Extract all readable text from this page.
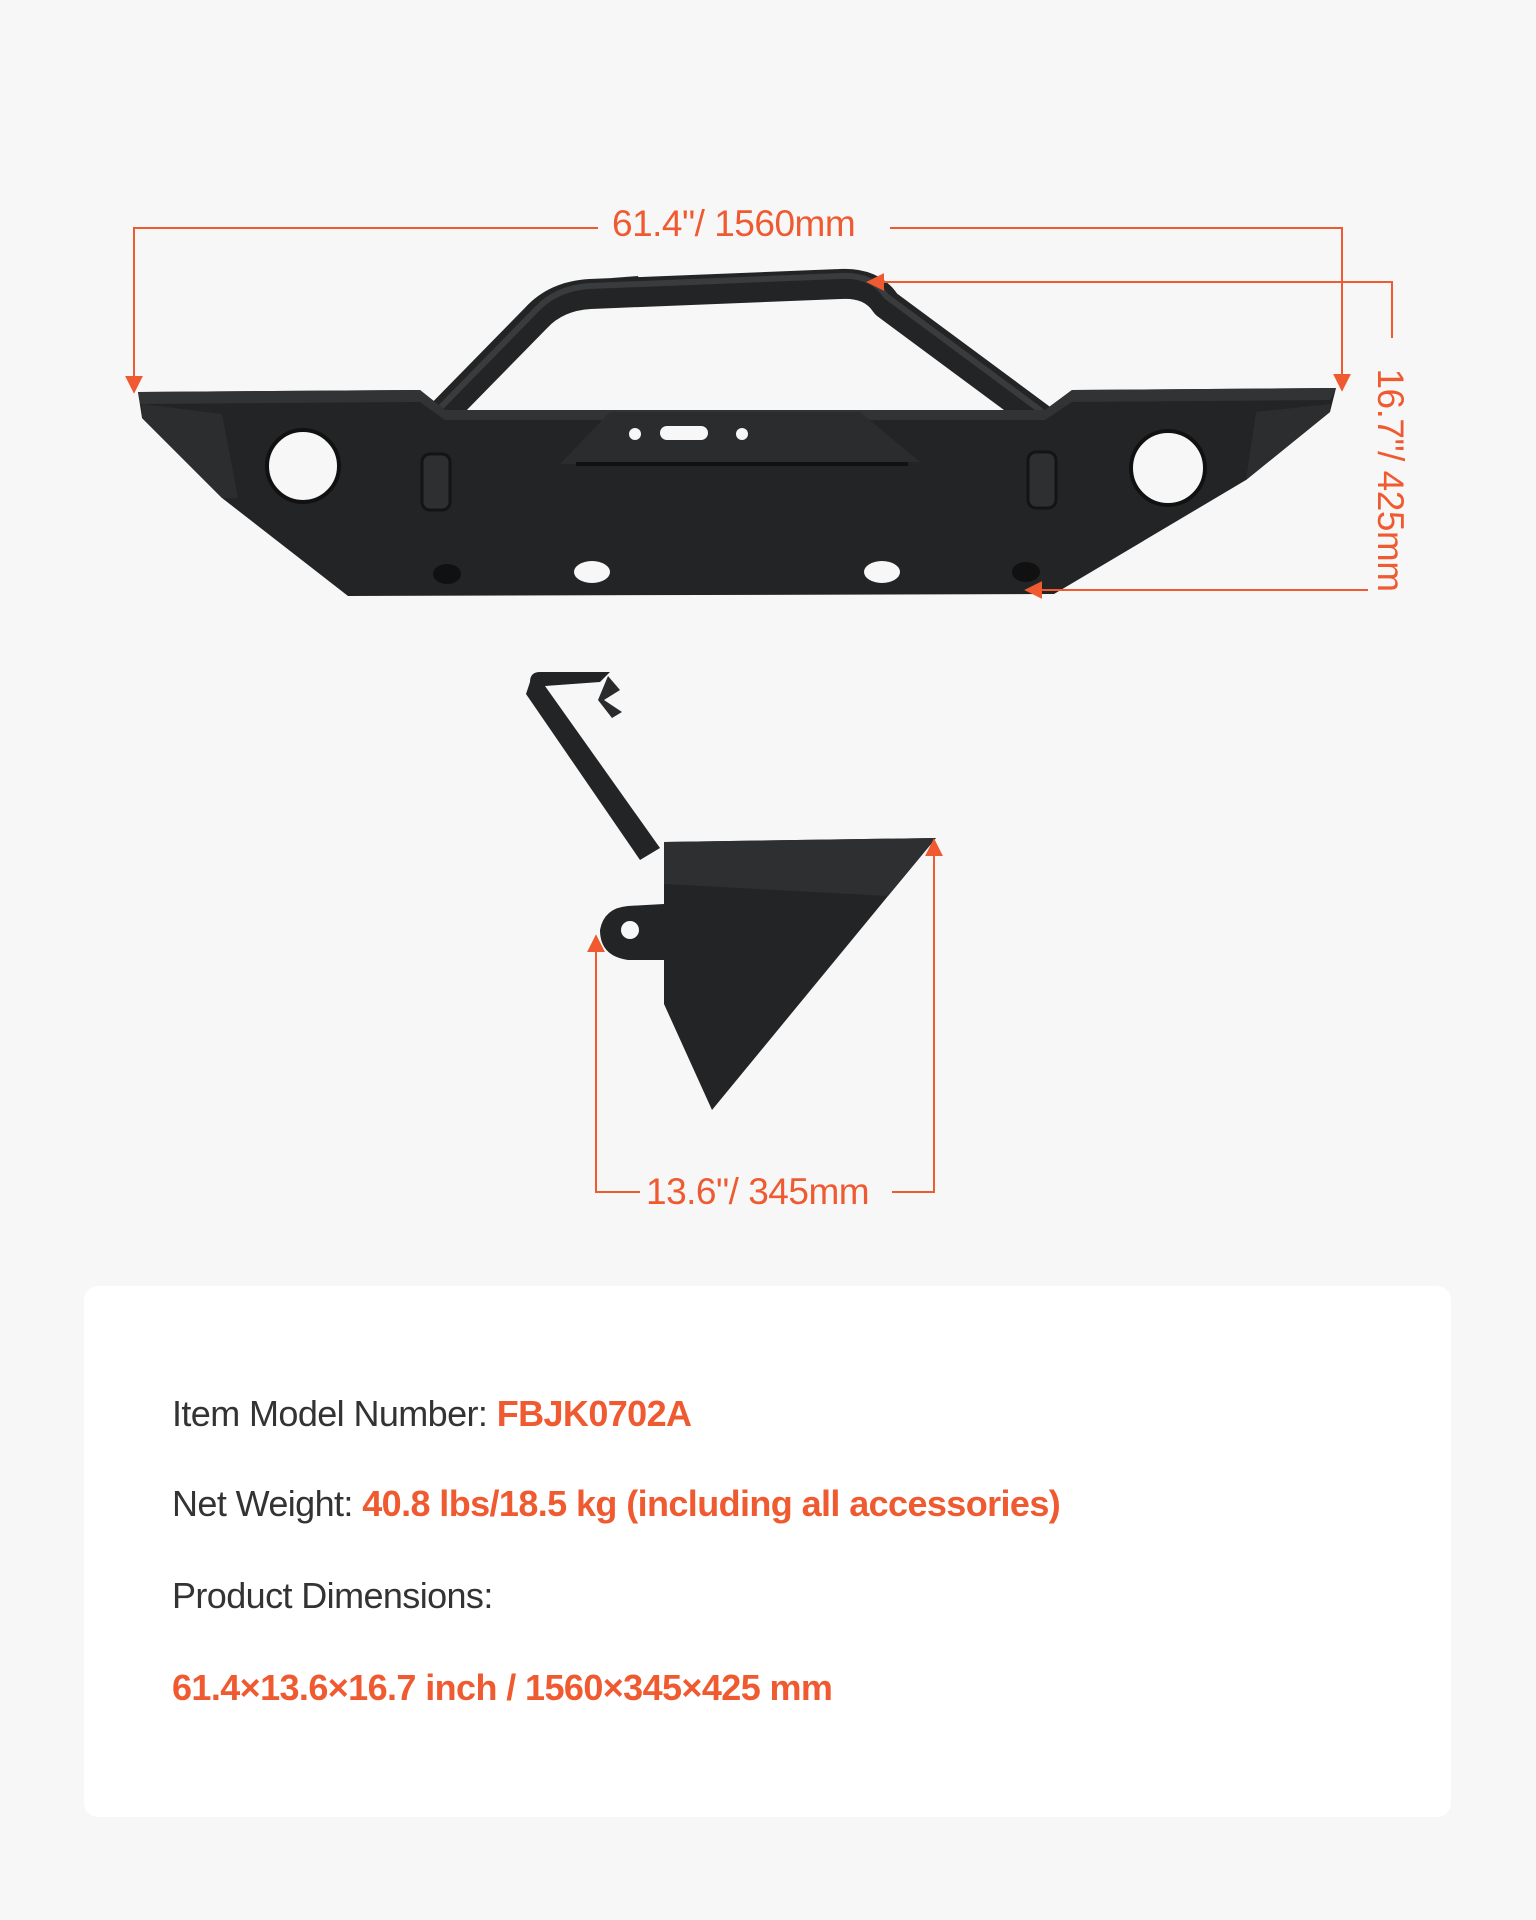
61.4"/ 1560mm
16.7"/ 425mm
13.6"/ 345mm
Item Model Number: FBJK0702A
Net Weight: 40.8 lbs/18.5 kg (including all accessories)
Product Dimensions:
61.4×13.6×16.7 inch / 1560×345×425 mm
